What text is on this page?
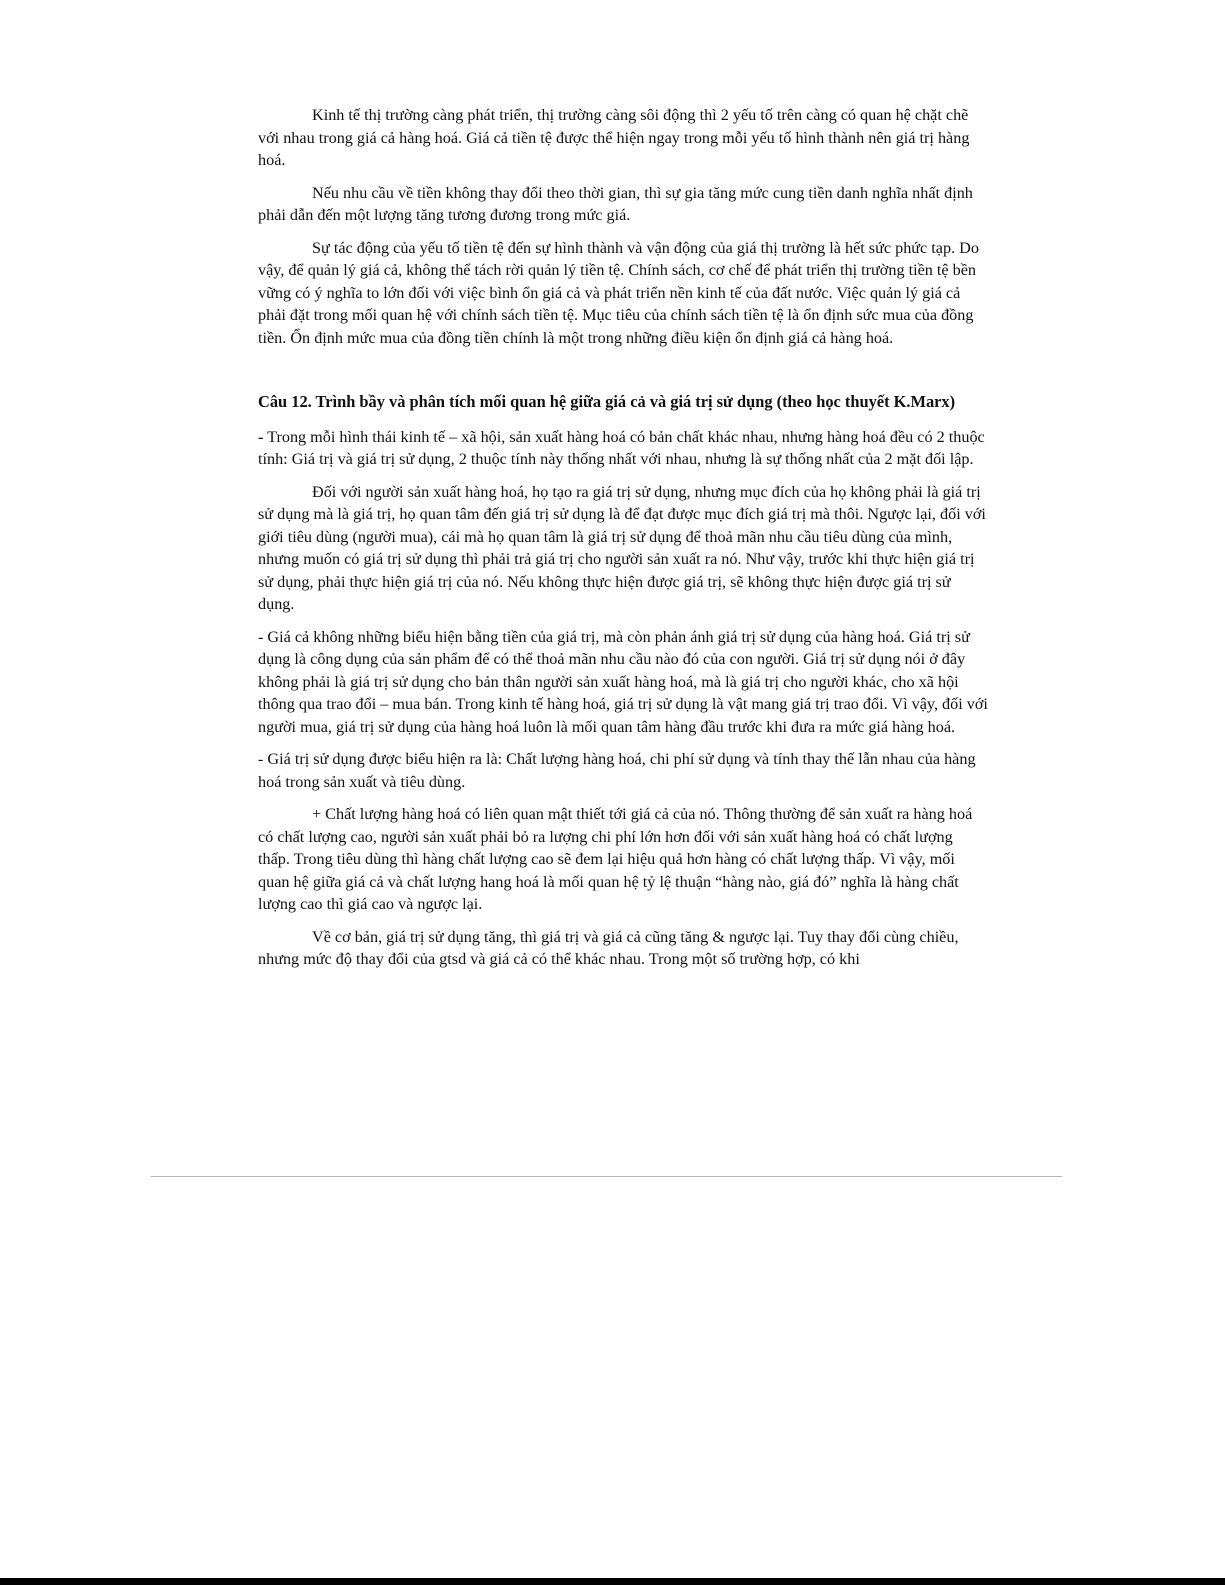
Kinh tế thị trường càng phát triển, thị trường càng sôi động thì 2 yếu tố trên càng có quan hệ chặt chẽ với nhau trong giá cả hàng hoá. Giá cả tiền tệ được thể hiện ngay trong mỗi yếu tố hình thành nên giá trị hàng hoá.

Nếu nhu cầu về tiền không thay đổi theo thời gian, thì sự gia tăng mức cung tiền danh nghĩa nhất định phải dẫn đến một lượng tăng tương đương trong mức giá.

Sự tác động của yếu tố tiền tệ đến sự hình thành và vận động của giá thị trường là hết sức phức tạp. Do vậy, để quản lý giá cả, không thể tách rời quản lý tiền tệ. Chính sách, cơ chế để phát triển thị trường tiền tệ bền vững có ý nghĩa to lớn đối với việc bình ổn giá cả và phát triển nền kinh tế của đất nước. Việc quản lý giá cả phải đặt trong mối quan hệ với chính sách tiền tệ. Mục tiêu của chính sách tiền tệ là ổn định sức mua của đồng tiền. Ổn định mức mua của đồng tiền chính là một trong những điều kiện ổn định giá cả hàng hoá.

Câu 12. Trình bầy và phân tích mối quan hệ giữa giá cả và giá trị sử dụng (theo học thuyết K.Marx)

- Trong mỗi hình thái kinh tế – xã hội, sản xuất hàng hoá có bản chất khác nhau, nhưng hàng hoá đều có 2 thuộc tính: Giá trị và giá trị sử dụng, 2 thuộc tính này thống nhất với nhau, nhưng là sự thống nhất của 2 mặt đối lập.

Đối với người sản xuất hàng hoá, họ tạo ra giá trị sử dụng, nhưng mục đích của họ không phải là giá trị sử dụng mà là giá trị, họ quan tâm đến giá trị sử dụng là để đạt được mục đích giá trị mà thôi. Ngược lại, đối với giới tiêu dùng (người mua), cái mà họ quan tâm là giá trị sử dụng để thoả mãn nhu cầu tiêu dùng của mình, nhưng muốn có giá trị sử dụng thì phải trả giá trị cho người sản xuất ra nó. Như vậy, trước khi thực hiện giá trị sử dụng, phải thực hiện giá trị của nó. Nếu không thực hiện được giá trị, sẽ không thực hiện được giá trị sử dụng.

- Giá cả không những biểu hiện bằng tiền của giá trị, mà còn phản ánh giá trị sử dụng của hàng hoá. Giá trị sử dụng là công dụng của sản phẩm để có thể thoả mãn nhu cầu nào đó của con người. Giá trị sử dụng nói ở đây không phải là giá trị sử dụng cho bản thân người sản xuất hàng hoá, mà là giá trị cho người khác, cho xã hội thông qua trao đổi – mua bán. Trong kinh tế hàng hoá, giá trị sử dụng là vật mang giá trị trao đổi. Vì vậy, đối với người mua, giá trị sử dụng của hàng hoá luôn là mối quan tâm hàng đầu trước khi đưa ra mức giá hàng hoá.

- Giá trị sử dụng được biểu hiện ra là: Chất lượng hàng hoá, chi phí sử dụng và tính thay thế lẫn nhau của hàng hoá trong sản xuất và tiêu dùng.

+ Chất lượng hàng hoá có liên quan mật thiết tới giá cả của nó. Thông thường để sản xuất ra hàng hoá có chất lượng cao, người sản xuất phải bỏ ra lượng chi phí lớn hơn đối với sản xuất hàng hoá có chất lượng thấp. Trong tiêu dùng thì hàng chất lượng cao sẽ đem lại hiệu quả hơn hàng có chất lượng thấp. Vì vậy, mối quan hệ giữa giá cả và chất lượng hang hoá là mối quan hệ tỷ lệ thuận “hàng nào, giá đó” nghĩa là hàng chất lượng cao thì giá cao và ngược lại.

Về cơ bản, giá trị sử dụng tăng, thì giá trị và giá cả cũng tăng & ngược lại. Tuy thay đổi cùng chiều, nhưng mức độ thay đổi của gtsd và giá cả có thể khác nhau. Trong một số trường hợp, có khi
